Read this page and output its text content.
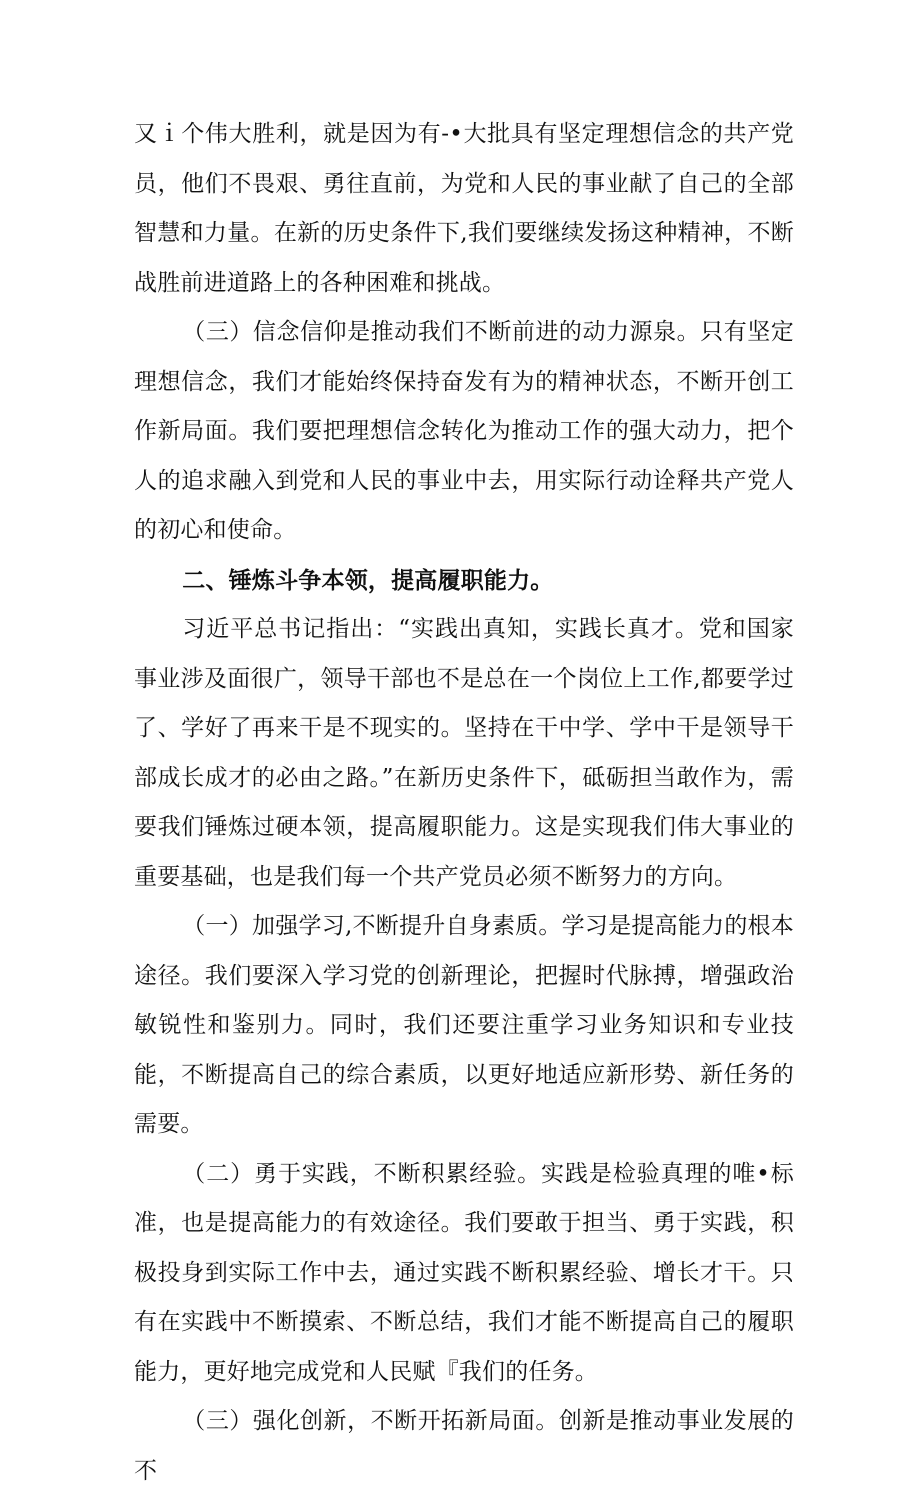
又ｉ个伟大胜利，就是因为有-•大批具有坚定理想信念的共产党员，他们不畏艰、勇往直前，为党和人民的事业献了自己的全部智慧和力量。在新的历史条件下,我们要继续发扬这种精神，不断战胜前进道路上的各种困难和挑战。

（三）信念信仰是推动我们不断前进的动力源泉。只有坚定理想信念，我们才能始终保持奋发有为的精神状态，不断开创工作新局面。我们要把理想信念转化为推动工作的强大动力，把个人的追求融入到党和人民的事业中去，用实际行动诠释共产党人的初心和使命。

二、锤炼斗争本领，提高履职能力。

习近平总书记指出：“实践出真知，实践长真才。党和国家事业涉及面很广，领导干部也不是总在一个岗位上工作,都要学过了、学好了再来干是不现实的。坚持在干中学、学中干是领导干部成长成才的必由之路。”在新历史条件下，砥砺担当敢作为，需要我们锤炼过硬本领，提高履职能力。这是实现我们伟大事业的重要基础，也是我们每一个共产党员必须不断努力的方向。

（一）加强学习,不断提升自身素质。学习是提高能力的根本途径。我们要深入学习党的创新理论，把握时代脉搏，增强政治敏锐性和鉴别力。同时，我们还要注重学习业务知识和专业技能，不断提高自己的综合素质，以更好地适应新形势、新任务的需要。

（二）勇于实践，不断积累经验。实践是检验真理的唯•标准，也是提高能力的有效途径。我们要敢于担当、勇于实践，积极投身到实际工作中去，通过实践不断积累经验、增长才干。只有在实践中不断摸索、不断总结，我们才能不断提高自己的履职能力，更好地完成党和人民赋『我们的任务。

（三）强化创新，不断开拓新局面。创新是推动事业发展的不
